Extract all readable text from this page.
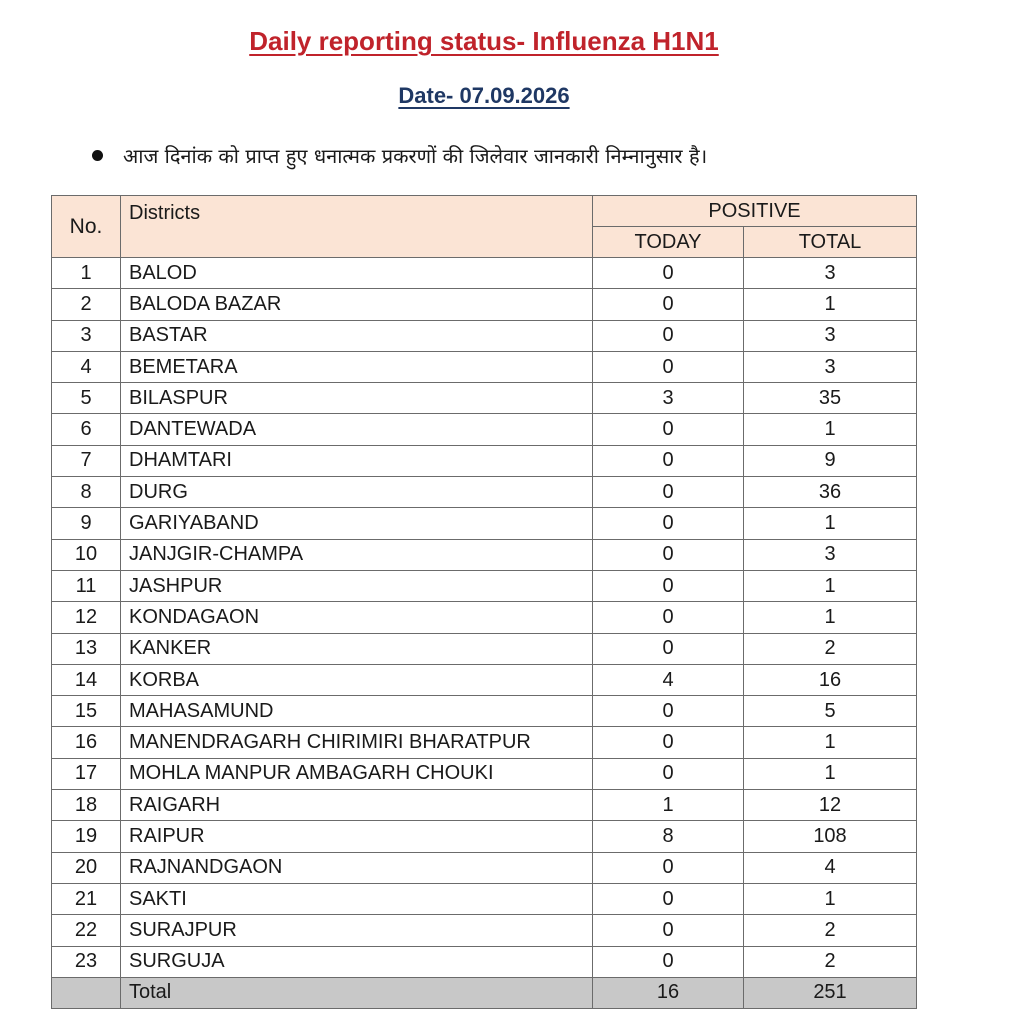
Daily reporting status- Influenza H1N1
Date- 07.09.2026
आज दिनांक को प्राप्त हुए धनात्मक प्रकरणों की जिलेवार जानकारी निम्नानुसार है।
No.	Districts	POSITIVE	
		TODAY	TOTAL
1	BALOD	0	3
2	BALODA BAZAR	0	1
3	BASTAR	0	3
4	BEMETARA	0	3
5	BILASPUR	3	35
6	DANTEWADA	0	1
7	DHAMTARI	0	9
8	DURG	0	36
9	GARIYABAND	0	1
10	JANJGIR-CHAMPA	0	3
11	JASHPUR	0	1
12	KONDAGAON	0	1
13	KANKER	0	2
14	KORBA	4	16
15	MAHASAMUND	0	5
16	MANENDRAGARH CHIRIMIRI BHARATPUR	0	1
17	MOHLA MANPUR AMBAGARH CHOUKI	0	1
18	RAIGARH	1	12
19	RAIPUR	8	108
20	RAJNANDGAON	0	4
21	SAKTI	0	1
22	SURAJPUR	0	2
23	SURGUJA	0	2
	Total	16	251
